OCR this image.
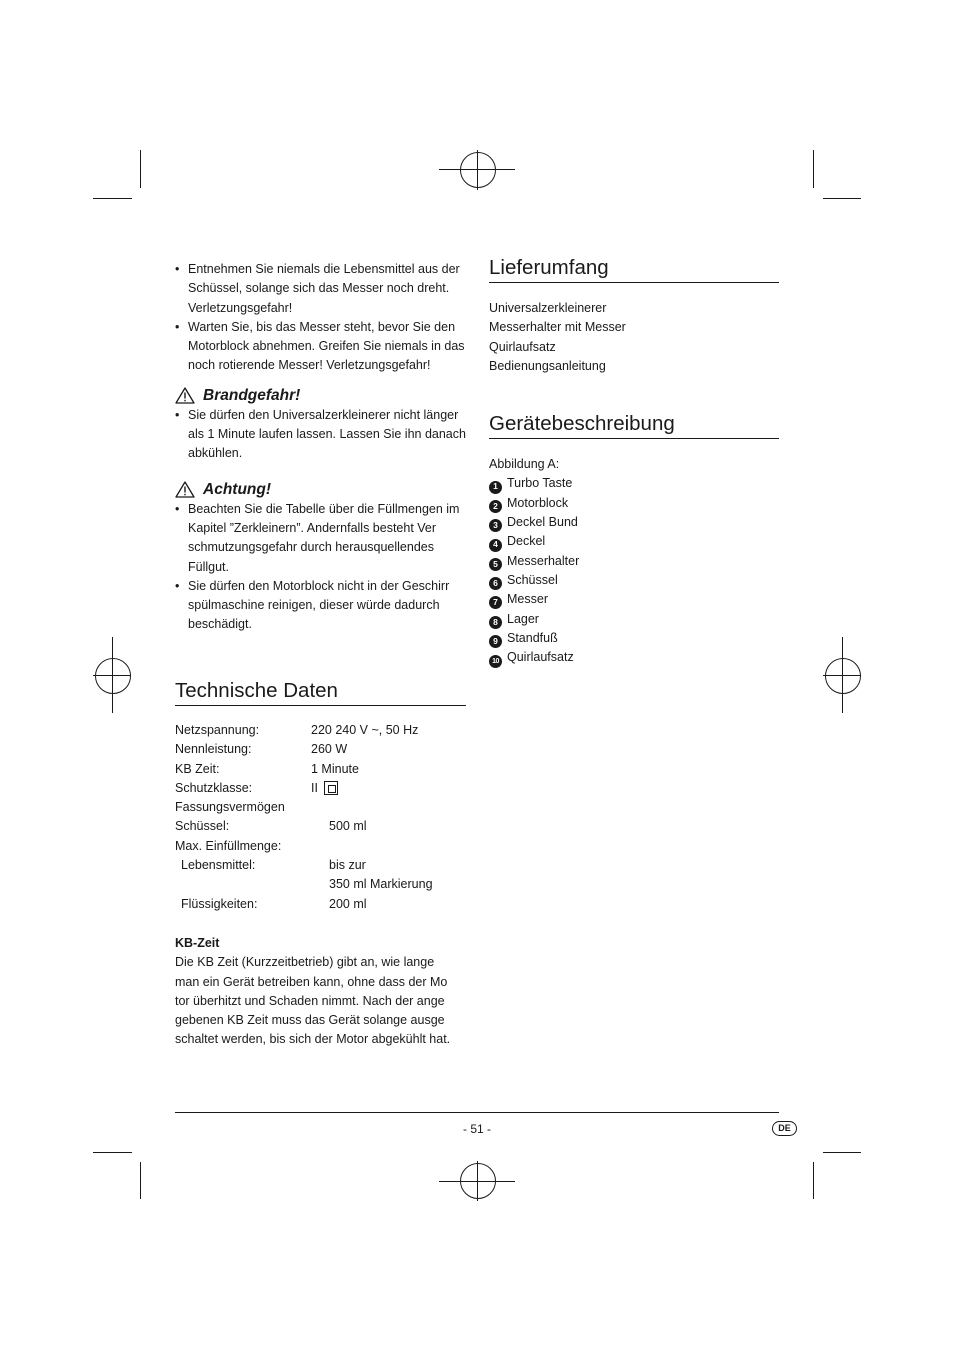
• Entnehmen Sie niemals die Lebensmittel aus der Schüssel, solange sich das Messer noch dreht. Verletzungsgefahr!
• Warten Sie, bis das Messer steht, bevor Sie den Motorblock abnehmen. Greifen Sie niemals in das noch rotierende Messer! Verletzungsgefahr!
Brandgefahr!
• Sie dürfen den Universalzerkleinerer nicht länger als 1 Minute laufen lassen. Lassen Sie ihn danach abkühlen.
Achtung!
• Beachten Sie die Tabelle über die Füllmengen im Kapitel ”Zerkleinern”. Andernfalls besteht Ver schmutzungsgefahr durch herausquellendes Füllgut.
• Sie dürfen den Motorblock nicht in der Geschirr spülmaschine reinigen, dieser würde dadurch beschädigt.
Technische Daten
Netzspannung:	220 240 V ~, 50 Hz
Nennleistung:	260 W
KB Zeit:	1 Minute
Schutzklasse:	II
Fassungsvermögen
Schüssel:	500 ml
Max. Einfüllmenge:
Lebensmittel:	bis zur
350 ml Markierung
Flüssigkeiten:	200 ml
KB-Zeit
Die KB Zeit (Kurzzeitbetrieb) gibt an, wie lange man ein Gerät betreiben kann, ohne dass der Mo tor überhitzt und Schaden nimmt. Nach der ange gebenen KB Zeit muss das Gerät solange ausge schaltet werden, bis sich der Motor abgekühlt hat.
Lieferumfang
Universalzerkleinerer
Messerhalter mit Messer
Quirlaufsatz
Bedienungsanleitung
Gerätebeschreibung
Abbildung A:
1 Turbo Taste
2 Motorblock
3 Deckel Bund
4 Deckel
5 Messerhalter
6 Schüssel
7 Messer
8 Lager
9 Standfuß
10 Quirlaufsatz
- 51 -	DE
